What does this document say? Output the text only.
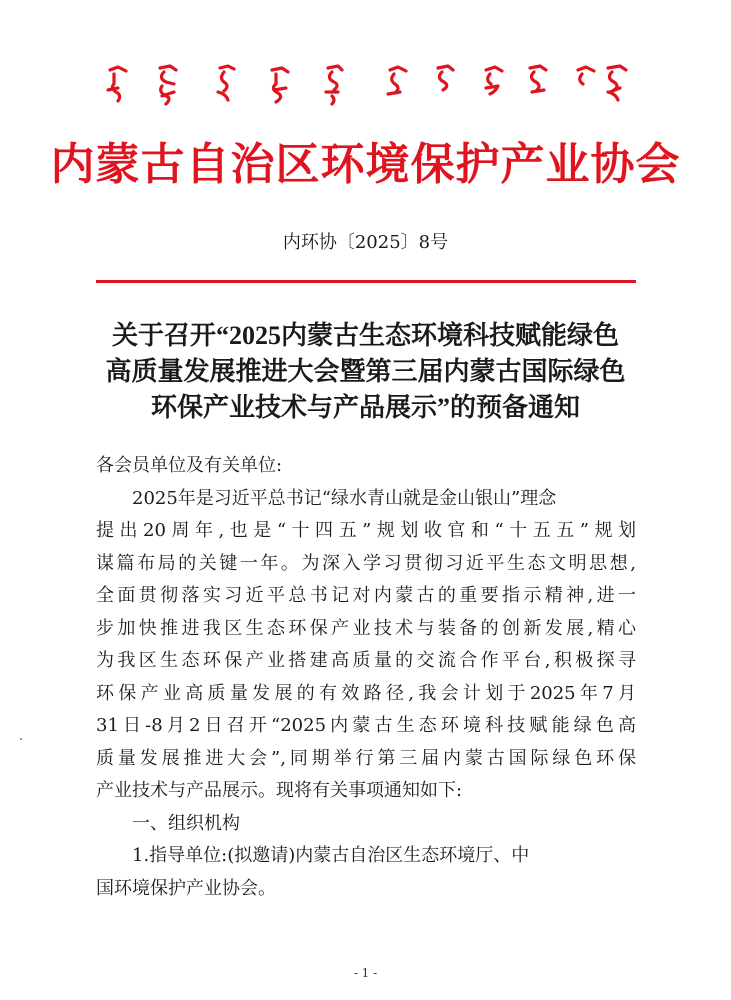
内蒙古自治区环境保护产业协会
内环协〔2025〕8号
关于召开“2025内蒙古生态环境科技赋能绿色
高质量发展推进大会暨第三届内蒙古国际绿色
环保产业技术与产品展示”的预备通知
各会员单位及有关单位:
2025年是习近平总书记“绿水青山就是金山银山”理念
提出20周年,也是“十四五”规划收官和“十五五”规划
谋篇布局的关键一年。为深入学习贯彻习近平生态文明思想,
全面贯彻落实习近平总书记对内蒙古的重要指示精神,进一
步加快推进我区生态环保产业技术与装备的创新发展,精心
为我区生态环保产业搭建高质量的交流合作平台,积极探寻
环保产业高质量发展的有效路径,我会计划于2025年7月
31日-8月2日召开“2025内蒙古生态环境科技赋能绿色高
质量发展推进大会”,同期举行第三届内蒙古国际绿色环保
产业技术与产品展示。现将有关事项通知如下:
一、组织机构
1.指导单位:(拟邀请)内蒙古自治区生态环境厅、中
国环境保护产业协会。
- 1 -
